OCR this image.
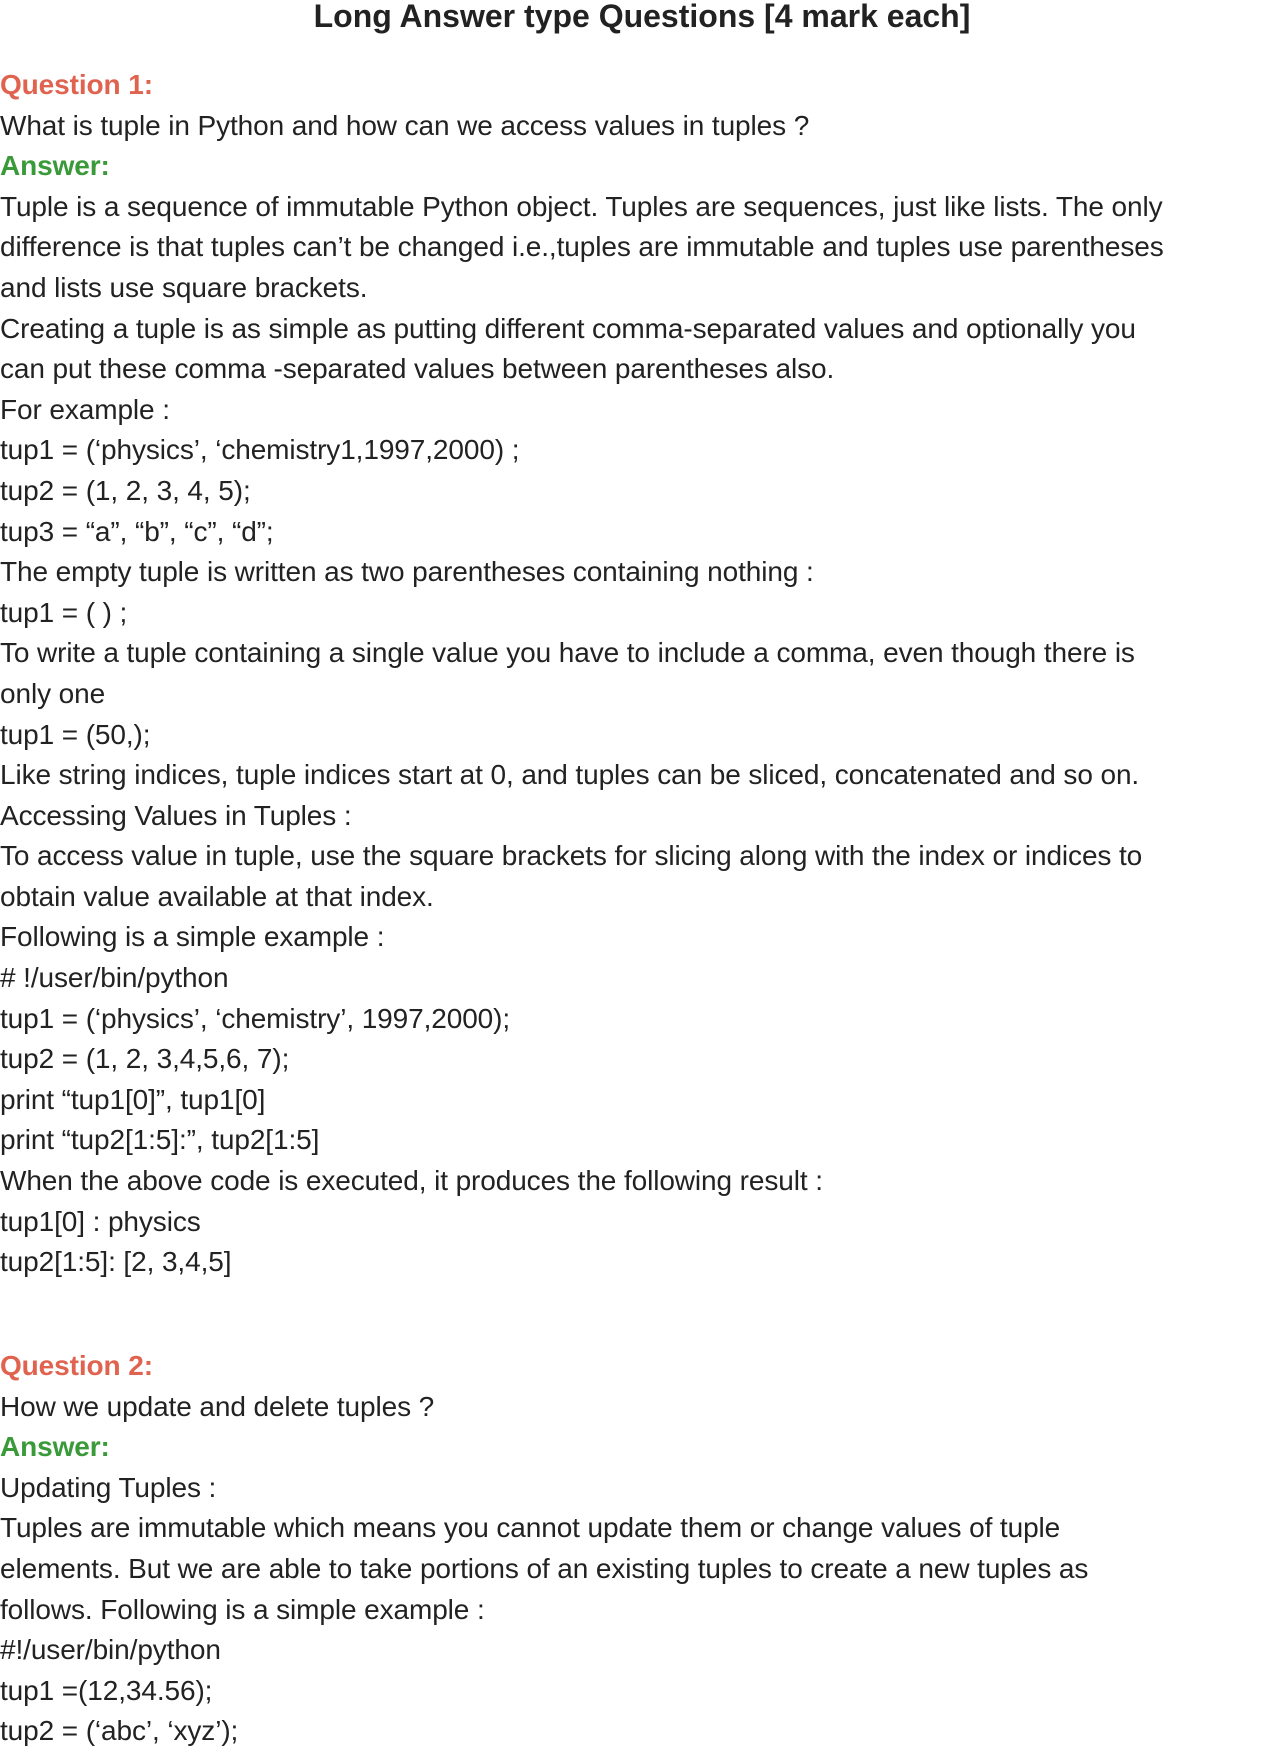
Long Answer type Questions [4 mark each]
Question 1:
What is tuple in Python and how can we access values in tuples ?
Answer:
Tuple is a sequence of immutable Python object. Tuples are sequences, just like lists. The only
difference is that tuples can’t be changed i.e.,tuples are immutable and tuples use parentheses
and lists use square brackets.
Creating a tuple is as simple as putting different comma-separated values and optionally you
can put these comma -separated values between parentheses also.
For example :
tup1 = (‘physics’, ‘chemistry1,1997,2000) ;
tup2 = (1, 2, 3, 4, 5);
tup3 = “a”, “b”, “c”, “d”;
The empty tuple is written as two parentheses containing nothing :
tup1 = ( ) ;
To write a tuple containing a single value you have to include a comma, even though there is
only one
tup1 = (50,);
Like string indices, tuple indices start at 0, and tuples can be sliced, concatenated and so on.
Accessing Values in Tuples :
To access value in tuple, use the square brackets for slicing along with the index or indices to
obtain value available at that index.
Following is a simple example :
# !/user/bin/python
tup1 = (‘physics’, ‘chemistry’, 1997,2000);
tup2 = (1, 2, 3,4,5,6, 7);
print “tup1[0]”, tup1[0]
print “tup2[1:5]:”, tup2[1:5]
When the above code is executed, it produces the following result :
tup1[0] : physics
tup2[1:5]: [2, 3,4,5]
Question 2:
How we update and delete tuples ?
Answer:
Updating Tuples :
Tuples are immutable which means you cannot update them or change values of tuple
elements. But we are able to take portions of an existing tuples to create a new tuples as
follows. Following is a simple example :
#!/user/bin/python
tup1 =(12,34.56);
tup2 = (‘abc’, ‘xyz’);
